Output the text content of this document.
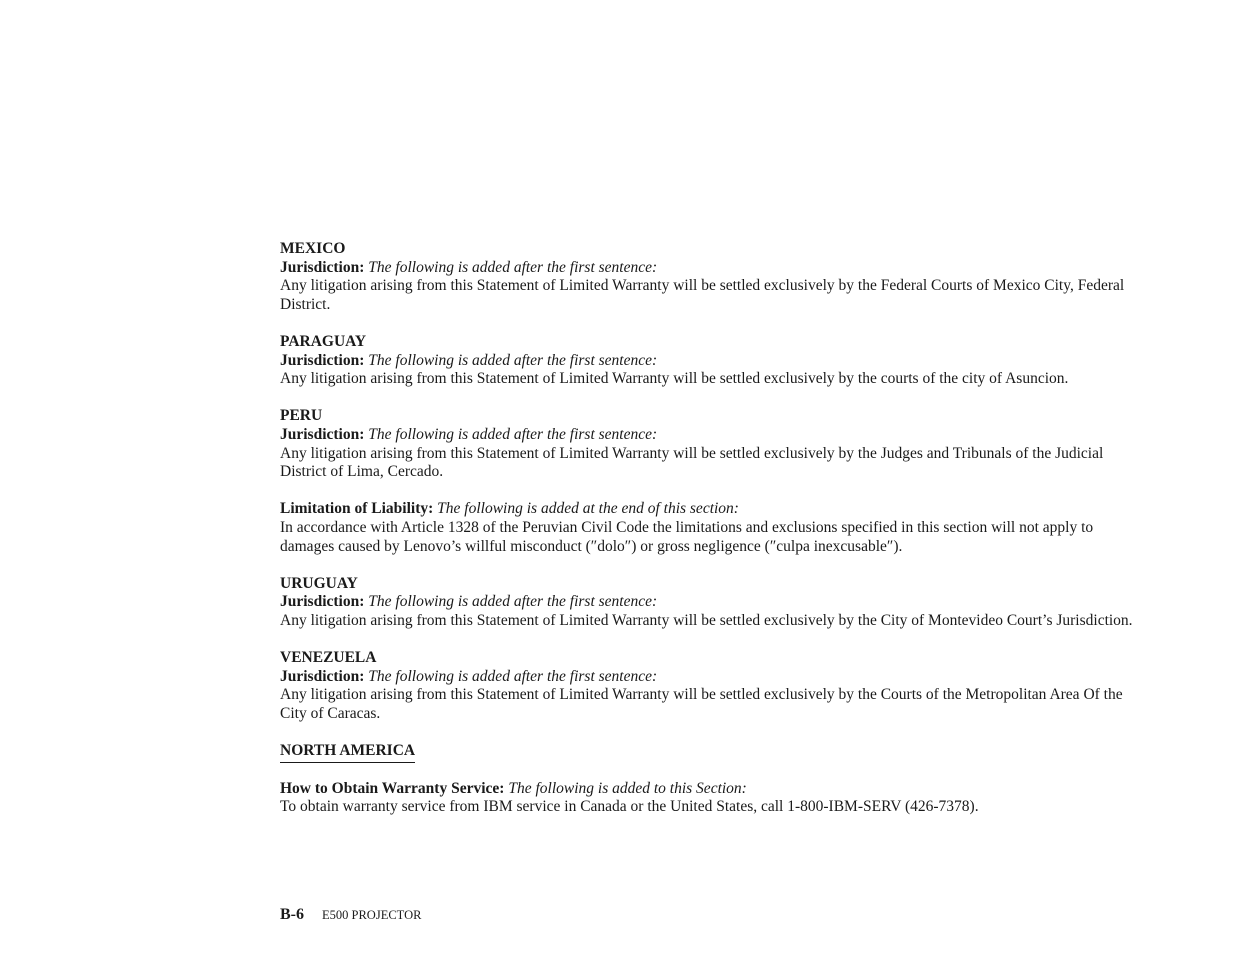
MEXICO
Jurisdiction: The following is added after the first sentence:
Any litigation arising from this Statement of Limited Warranty will be settled exclusively by the Federal Courts of Mexico City, Federal District.
PARAGUAY
Jurisdiction: The following is added after the first sentence:
Any litigation arising from this Statement of Limited Warranty will be settled exclusively by the courts of the city of Asuncion.
PERU
Jurisdiction: The following is added after the first sentence:
Any litigation arising from this Statement of Limited Warranty will be settled exclusively by the Judges and Tribunals of the Judicial District of Lima, Cercado.
Limitation of Liability: The following is added at the end of this section:
In accordance with Article 1328 of the Peruvian Civil Code the limitations and exclusions specified in this section will not apply to damages caused by Lenovo’s willful misconduct (″dolo″) or gross negligence (″culpa inexcusable″).
URUGUAY
Jurisdiction: The following is added after the first sentence:
Any litigation arising from this Statement of Limited Warranty will be settled exclusively by the City of Montevideo Court’s Jurisdiction.
VENEZUELA
Jurisdiction: The following is added after the first sentence:
Any litigation arising from this Statement of Limited Warranty will be settled exclusively by the Courts of the Metropolitan Area Of the City of Caracas.
NORTH AMERICA
How to Obtain Warranty Service: The following is added to this Section:
To obtain warranty service from IBM service in Canada or the United States, call 1-800-IBM-SERV (426-7378).
B-6 E500 PROJECTOR
